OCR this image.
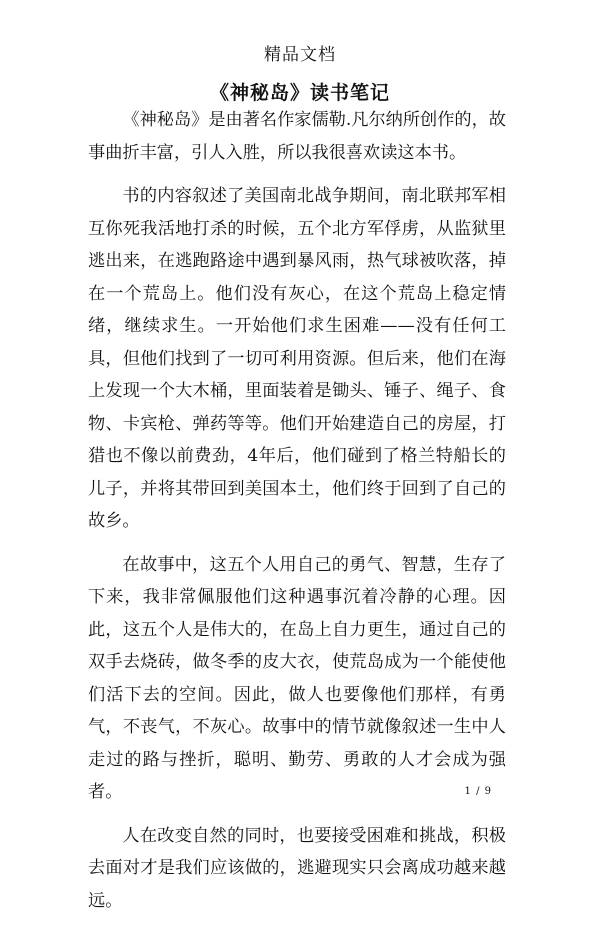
精品文档
《神秘岛》读书笔记

《神秘岛》是由著名作家儒勒.凡尔纳所创作的，故事曲折丰富，引人入胜，所以我很喜欢读这本书。

书的内容叙述了美国南北战争期间，南北联邦军相互你死我活地打杀的时候，五个北方军俘虏，从监狱里逃出来，在逃跑路途中遇到暴风雨，热气球被吹落，掉在一个荒岛上。他们没有灰心，在这个荒岛上稳定情绪，继续求生。一开始他们求生困难——没有任何工具，但他们找到了一切可利用资源。但后来，他们在海上发现一个大木桶，里面装着是锄头、锤子、绳子、食物、卡宾枪、弹药等等。他们开始建造自己的房屋，打猎也不像以前费劲，4年后，他们碰到了格兰特船长的儿子，并将其带回到美国本土，他们终于回到了自己的故乡。

在故事中，这五个人用自己的勇气、智慧，生存了下来，我非常佩服他们这种遇事沉着冷静的心理。因此，这五个人是伟大的，在岛上自力更生，通过自己的双手去烧砖，做冬季的皮大衣，使荒岛成为一个能使他们活下去的空间。因此，做人也要像他们那样，有勇气，不丧气，不灰心。故事中的情节就像叙述一生中人走过的路与挫折，聪明、勤劳、勇敢的人才会成为强者。

人在改变自然的同时，也要接受困难和挑战，积极去面对才是我们应该做的，逃避现实只会离成功越来越远。

1 / 9
